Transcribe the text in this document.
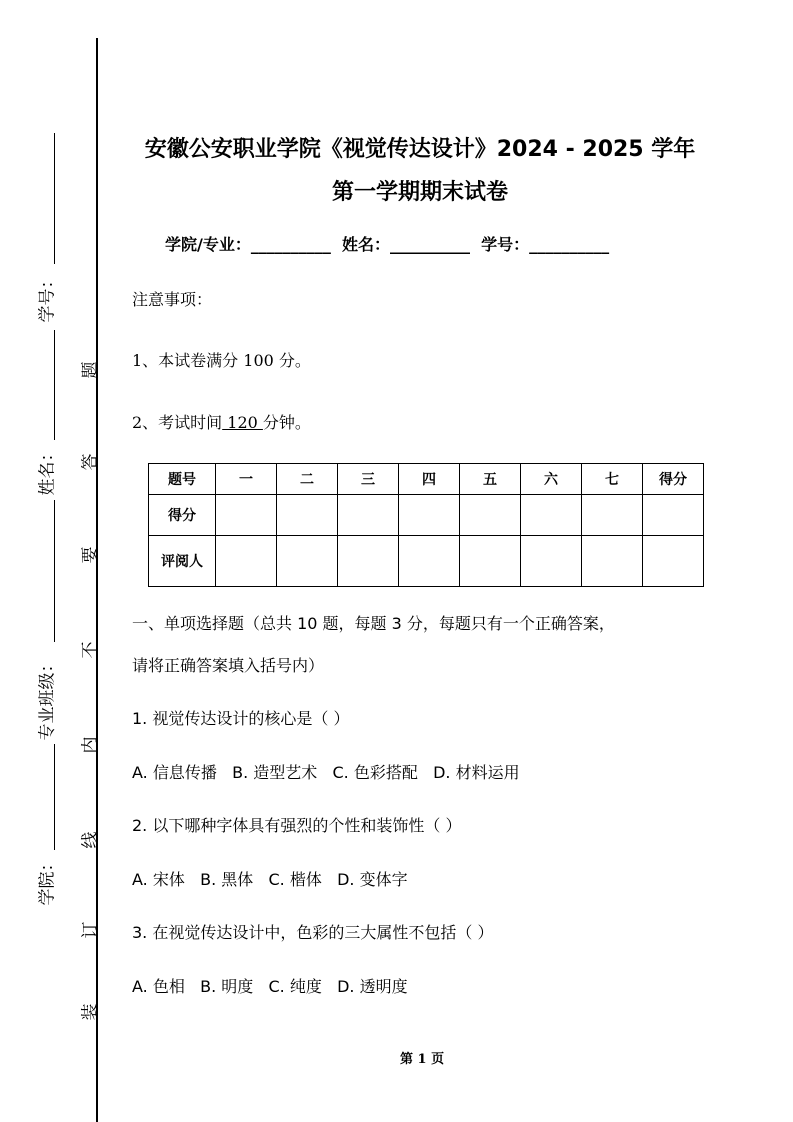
学号：
姓名：
专业班级：
学院：
题
答
要
不
内
线
订
装
安徽公安职业学院《视觉传达设计》2024 - 2025 学年
第一学期期末试卷
学院/专业：__________  姓名：__________  学号：__________
注意事项：
1、本试卷满分 100 分。
2、考试时间 120 分钟。
题号	一	二	三	四	五	六	七	得分
得分								
评阅人								
一、单项选择题（总共 10 题，每题 3 分，每题只有一个正确答案，
请将正确答案填入括号内）
1. 视觉传达设计的核心是（ ）
A. 信息传播   B. 造型艺术   C. 色彩搭配   D. 材料运用
2. 以下哪种字体具有强烈的个性和装饰性（ ）
A. 宋体   B. 黑体   C. 楷体   D. 变体字
3. 在视觉传达设计中，色彩的三大属性不包括（ ）
A. 色相   B. 明度   C. 纯度   D. 透明度
第 1 页
